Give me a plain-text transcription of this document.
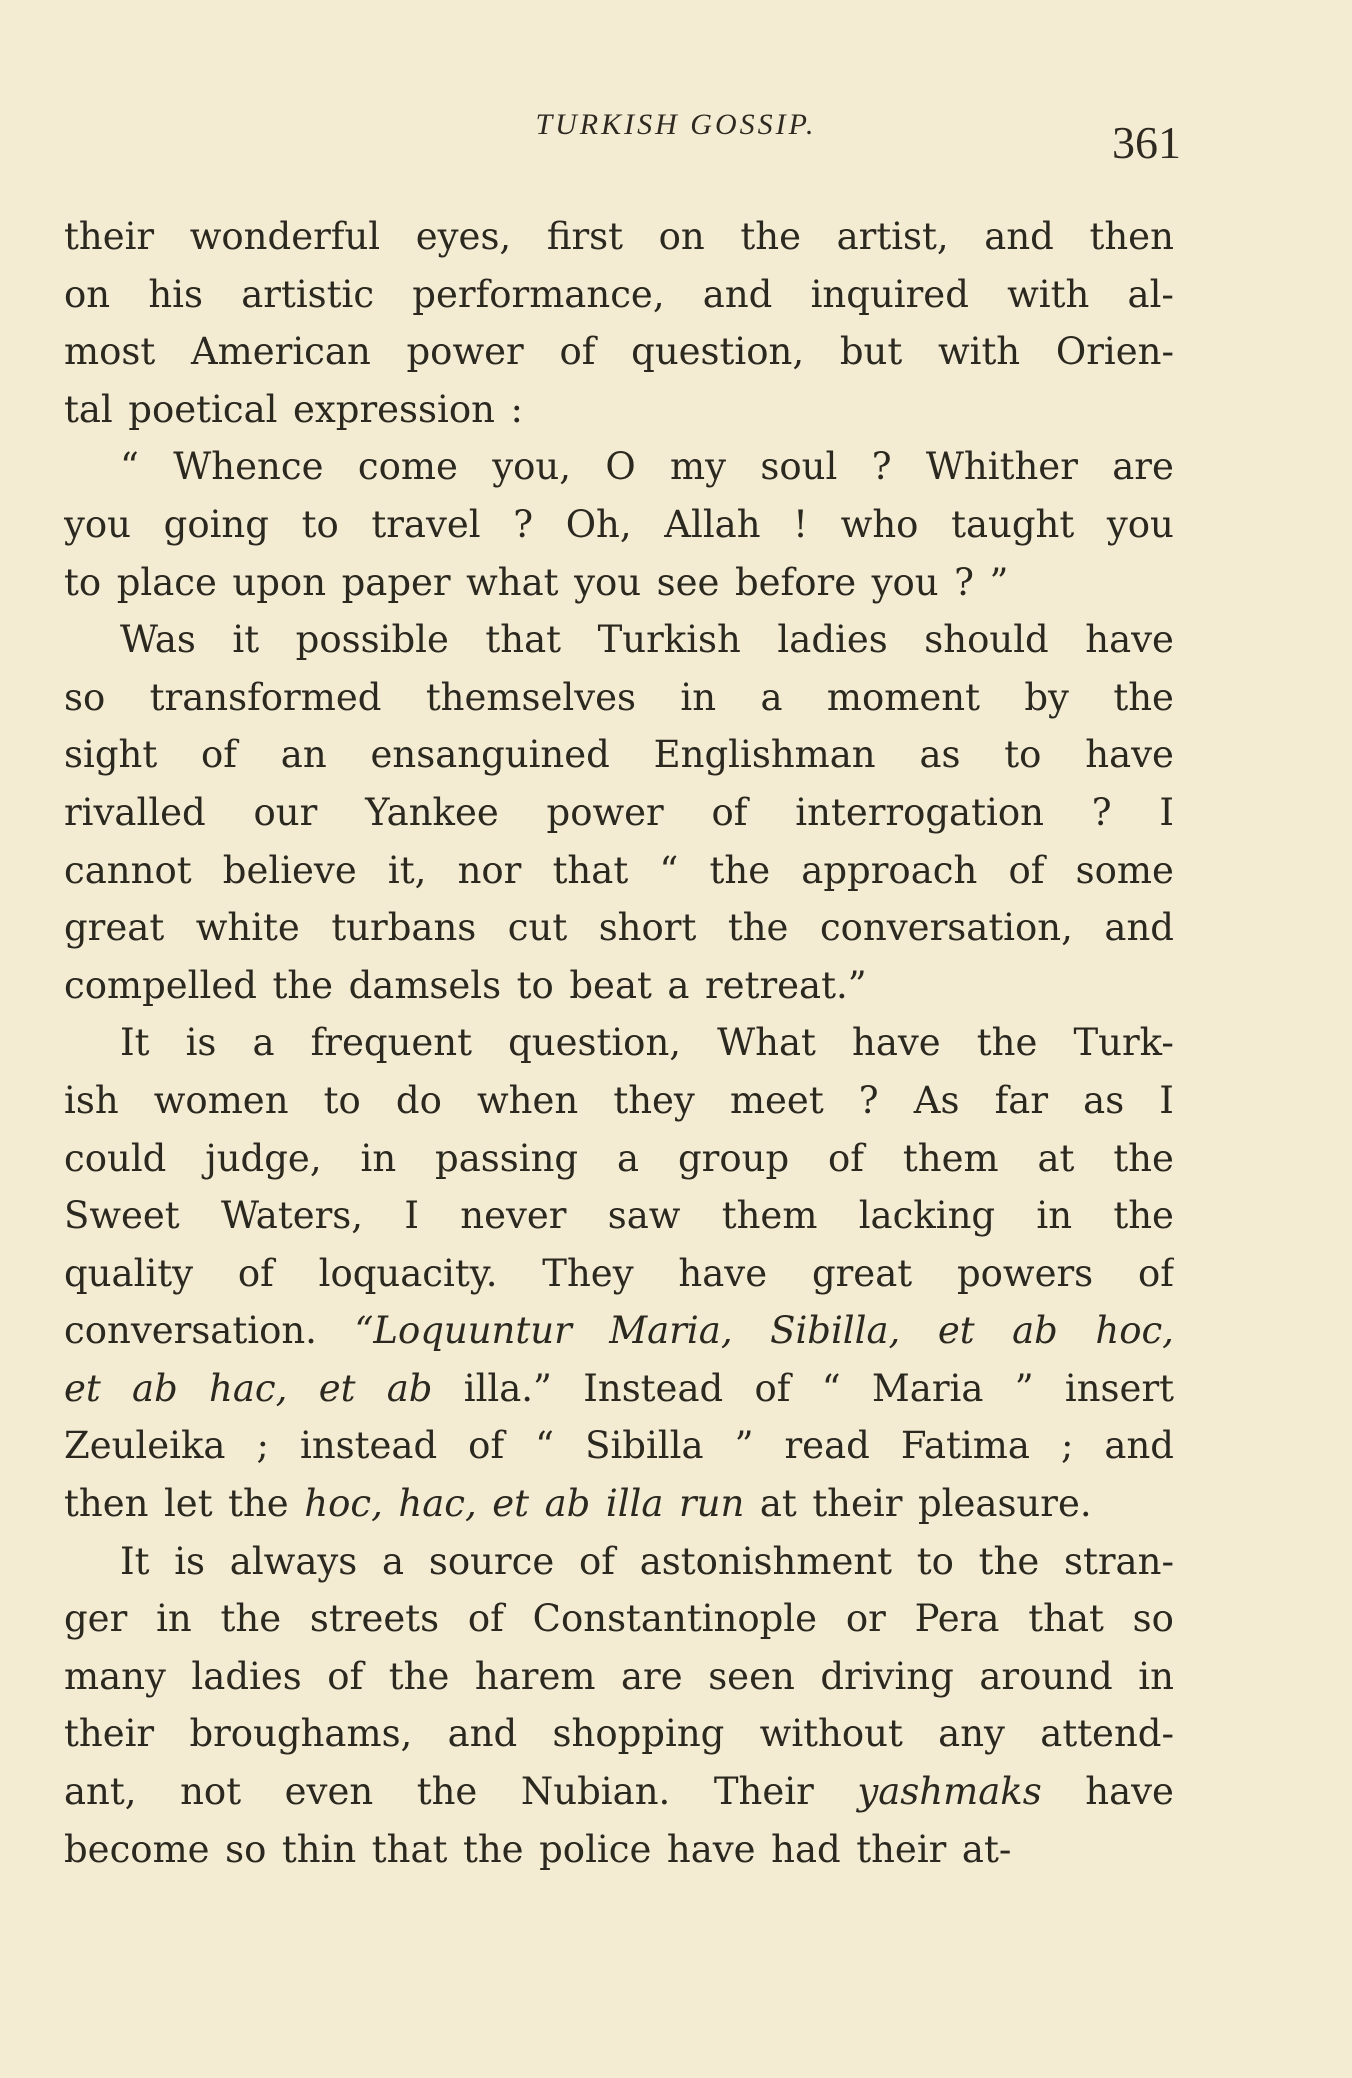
TURKISH GOSSIP.	361
their wonderful eyes, first on the artist, and then
on his artistic performance, and inquired with al-
most American power of question, but with Orien-
tal
poetical
expression
:
“ Whence come you, O my soul ? Whither are
you going to travel ? Oh, Allah ! who taught you
to
place
upon
paper
what
you
see
before
you
?
”
Was it possible that Turkish ladies should have
so transformed themselves in a moment by the
sight of an ensanguined Englishman as to have
rivalled our Yankee power of interrogation ? I
cannot believe it, nor that “ the approach of some
great white turbans cut short the conversation, and
compelled
the
damsels
to
beat
a
retreat.”
It is a frequent question, What have the Turk-
ish women to do when they meet ? As far as I
could judge, in passing a group of them at the
Sweet Waters, I never saw them lacking in the
quality of loquacity. They have great powers of
conversation. “Loquuntur Maria, Sibilla, et ab hoc,
et ab hac, et ab illa.” Instead of “ Maria ” insert
Zeuleika ; instead of “ Sibilla ” read Fatima ; and
then
let
the
hoc,
hac,
et
ab
illa
run
at
their
pleasure.
It is always a source of astonishment to the stran-
ger in the streets of Constantinople or Pera that so
many ladies of the harem are seen driving around in
their broughams, and shopping without any attend-
ant, not even the Nubian. Their yashmaks have
become
so
thin
that
the
police
have
had
their
at-
